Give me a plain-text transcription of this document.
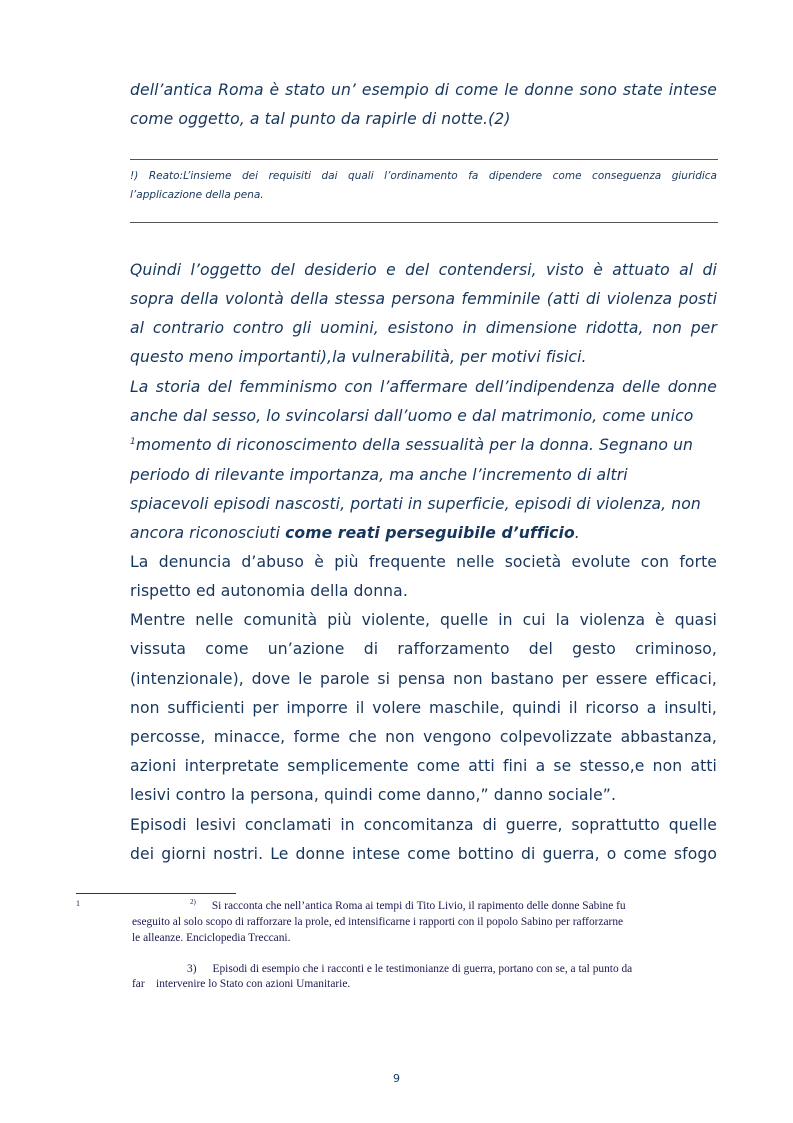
dell’antica Roma è stato un’ esempio di come le donne sono state intese
come oggetto, a tal punto da rapirle di notte.(2)
!) Reato:L’insieme dei requisiti dai quali l’ordinamento fa dipendere come conseguenza giuridica
l’applicazione della pena.
Quindi l’oggetto del desiderio e del contendersi, visto è attuato al di
sopra della volontà della stessa persona femminile (atti di violenza posti
al contrario contro gli uomini, esistono in dimensione ridotta, non per
questo meno importanti),la vulnerabilità, per motivi fisici.
La storia del femminismo con l’affermare dell’indipendenza delle donne
anche dal sesso, lo svincolarsi dall’uomo e dal matrimonio, come unico
$^1$momento di riconoscimento della sessualità per la donna. Segnano un
periodo di rilevante importanza, ma anche l’incremento di altri
spiacevoli episodi nascosti, portati in superficie, episodi di violenza, non
ancora riconosciuti come reati perseguibile d’ufficio.
La denuncia d’abuso è più frequente nelle società evolute con forte
rispetto ed autonomia della donna.
Mentre nelle comunità più violente, quelle in cui la violenza è quasi
vissuta come un’azione di rafforzamento del gesto criminoso,
(intenzionale), dove le parole si pensa non bastano per essere efficaci,
non sufficienti per imporre il volere maschile, quindi il ricorso a insulti,
percosse, minacce, forme che non vengono colpevolizzate abbastanza,
azioni interpretate semplicemente come atti fini a se stesso,e non atti
lesivi contro la persona, quindi come danno,” danno sociale”.
Episodi lesivi conclamati in concomitanza di guerre, soprattutto quelle
dei giorni nostri. Le donne intese come bottino di guerra, o come sfogo
1	$^{2)}$ Si racconta che nell’antica Roma ai tempi di Tito Livio, il rapimento delle donne Sabine fu
eseguito al solo scopo di rafforzare la prole, ed intensificarne i rapporti con il popolo Sabino per rafforzarne
le alleanze. Enciclopedia Treccani.
3) Episodi di esempio che i racconti e le testimonianze di guerra, portano con se, a tal punto da
far    intervenire lo Stato con azioni Umanitarie.
9
